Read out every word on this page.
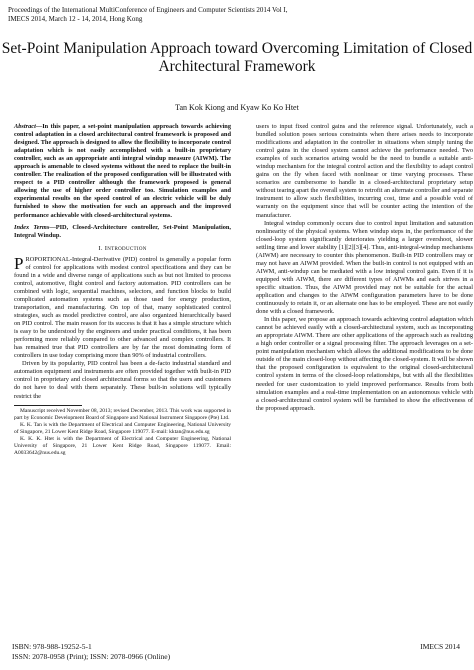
Proceedings of the International MultiConference of Engineers and Computer Scientists 2014 Vol I,
IMECS 2014, March 12 - 14, 2014, Hong Kong
Set-Point Manipulation Approach toward Overcoming Limitation of Closed Architectural Framework
Tan Kok Kiong and Kyaw Ko Ko Htet

Abstract—In this paper, a set-point manipulation approach towards achieving control adaptation in a closed architectural control framework is proposed and designed. The approach is designed to allow the flexibility to incorporate control adaptation which is not easily accomplished with a built-in proprietary controller, such as an appropriate anti integral windup measure (AIWM). The approach is amenable to closed systems without the need to replace the built-in controller. The realization of the proposed configuration will be illustrated with respect to a PID controller although the framework proposed is general allowing the use of higher order controller too. Simulation examples and experimental results on the speed control of an electric vehicle will be duly furnished to show the motivation for such an approach and the improved performance achievable with closed-architectural systems.

Index Terms—PID, Closed-Architecture controller, Set-Point Manipulation, Integral Windup.

I. Introduction

PROPORTIONAL-Integral-Derivative (PID) control is generally a popular form of control for applications with modest control specifications and they can be found in a wide and diverse range of applications such as but not limited to process control, automotive, flight control and factory automation. PID controllers can be combined with logic, sequential machines, selectors, and function blocks to build complicated automation systems such as those used for energy production, transportation, and manufacturing. On top of that, many sophisticated control strategies, such as model predictive control, are also organized hierarchically based on PID control. The main reason for its success is that it has a simple structure which is easy to be understood by the engineers and under practical conditions, it has been performing more reliably compared to other advanced and complex controllers. It has remained true that PID controllers are by far the most dominating form of controllers in use today comprising more than 90% of industrial controllers.

Driven by its popularity, PID control has been a de-facto industrial standard and automation equipment and instruments are often provided together with built-in PID control in proprietary and closed architectural forms so that the users and customers do not have to deal with them separately. These built-in solutions will typically restrict the

Manuscript received November 08, 2013; revised December, 2013. This work was supported in part by Economic Development Board of Singapore and National Instrument Singapore (Pte) Ltd.

K. K. Tan is with the Department of Electrical and Computer Engineering, National University of Singapore, 21 Lower Kent Ridge Road, Singapore 119077. E-mail: kktan@nus.edu.sg

K. K. K. Htet is with the Department of Electrical and Computer Engineering, National University of Singapore, 21 Lower Kent Ridge Road, Singapore 119077. Email: A0033642@nus.edu.sg

users to input fixed control gains and the reference signal. Unfortunately, such a bundled solution poses serious constraints when there arises needs to incorporate modifications and adaptation in the controller in situations when simply tuning the control gains in the closed system cannot achieve the performance needed. Two examples of such scenarios arising would be the need to bundle a suitable anti-windup mechanism for the integral control action and the flexibility to adapt control gains on the fly when faced with nonlinear or time varying processes. These scenarios are cumbersome to handle in a closed-architectural proprietary setup without tearing apart the overall system to retrofit an alternate controller and separate instrument to allow such flexibilities, incurring cost, time and a possible void of warranty on the equipment since that will be counter acting the intention of the manufacturer.

Integral windup commonly occurs due to control input limitation and saturation nonlinearity of the physical systems. When windup steps in, the performance of the closed-loop system significantly deteriorates yielding a larger overshoot, slower settling time and lower stability [1][2][3][4]. Thus, anti-integral-windup mechanisms (AIWM) are necessary to counter this phenomenon. Built-in PID controllers may or may not have an AIWM provided. When the built-in control is not equipped with an AIWM, anti-windup can be mediated with a low integral control gain. Even if it is equipped with AIWM, there are different types of AIWMs and each strives in a specific situation. Thus, the AIWM provided may not be suitable for the actual application and changes to the AIWM configuration parameters have to be done continuously to retain it, or an alternate one has to be employed. These are not easily done with a closed framework.

In this paper, we propose an approach towards achieving control adaptation which cannot be achieved easily with a closed-architectural system, such as incorporating an appropriate AIWM. There are other applications of the approach such as realizing a high order controller or a signal processing filter. The approach leverages on a set-point manipulation mechanism which allows the additional modifications to be done outside of the main closed-loop without affecting the closed-system. It will be shown that the proposed configuration is equivalent to the original closed-architectural control system in terms of the closed-loop relationships, but with all the flexibilities needed for user customization to yield improved performance. Results from both simulation examples and a real-time implementation on an autonomous vehicle with a closed-architectural control system will be furnished to show the effectiveness of the proposed approach.

ISBN: 978-988-19252-5-1
ISSN: 2078-0958 (Print); ISSN: 2078-0966 (Online)
IMECS 2014
